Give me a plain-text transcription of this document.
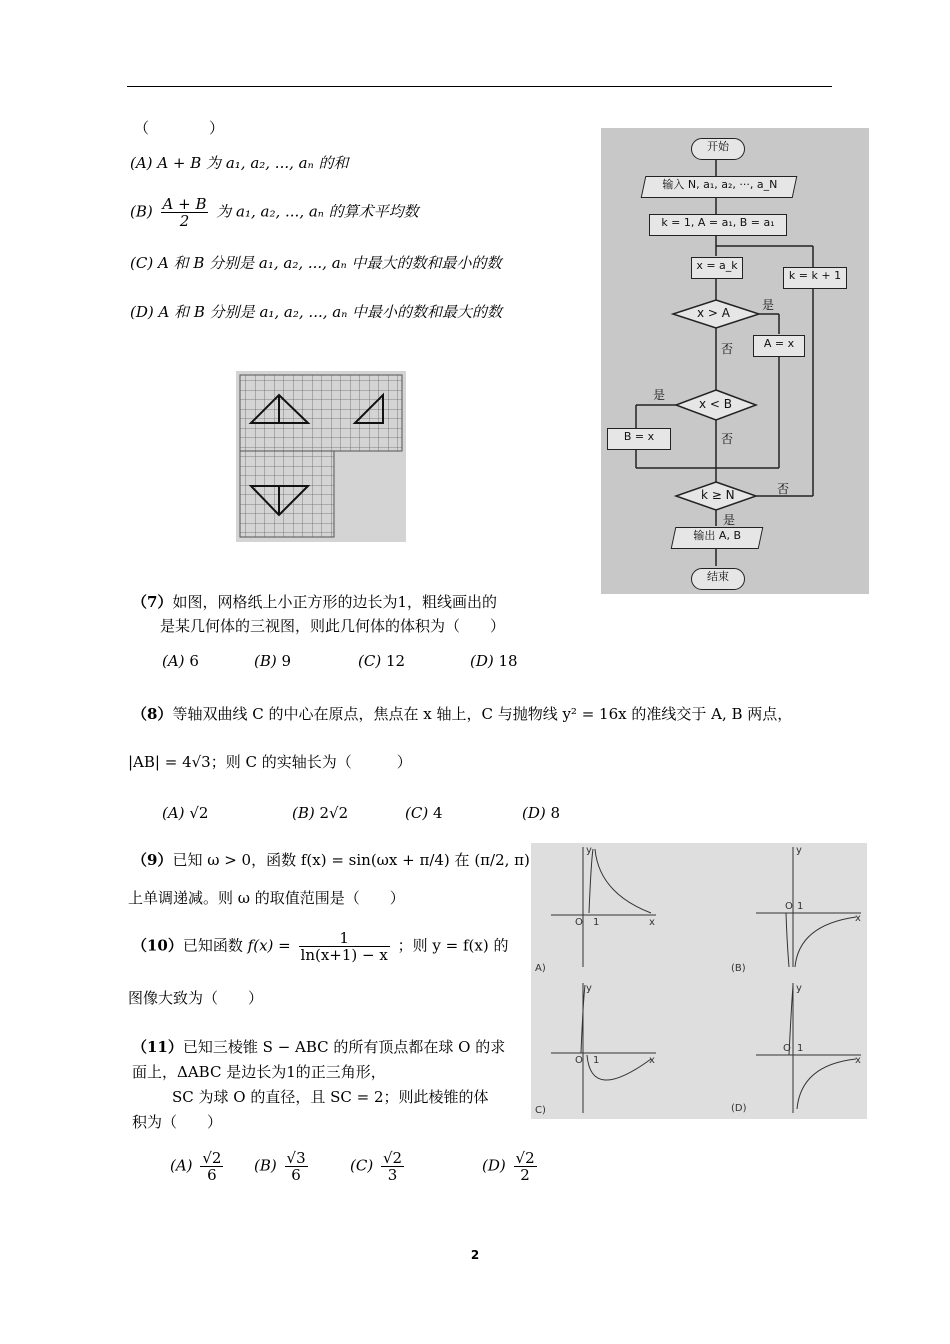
（　　　　）
(A) A + B 为 a₁, a₂, ..., aₙ 的和
$(B) \frac{A + B}{2}$ 为 a₁, a₂, ..., aₙ 的算术平均数
(C) A 和 B 分别是 a₁, a₂, ..., aₙ 中最大的数和最小的数
(D) A 和 B 分别是 a₁, a₂, ..., aₙ 中最小的数和最大的数
开始
输入 N, a₁, a₂, ···, a_N
k = 1, A = a₁, B = a₁
x = a_k
k = k + 1
x > A
是
A = x
否
x < B
是
B = x	否
k ≥ N	否
是
输出 A, B
结束
（7）如图，网格纸上小正方形的边长为1，粗线画出的
是某几何体的三视图，则此几何体的体积为（　　）
(A) 6	(B) 9	(C) 12	(D) 18
（8）等轴双曲线 C 的中心在原点，焦点在 x 轴上，C 与抛物线 y² = 16x 的准线交于 A, B 两点，
|AB| = 4√3；则 C 的实轴长为（　　　）
(A) √2	(B) 2√2	(C) 4	(D) 8
（9）已知 ω > 0，函数 f(x) = sin(ωx + π/4) 在 (π/2, π)
上单调递减。则 ω 的取值范围是（　　）
（10）已知函数 $f(x) = \frac{1}{\ln(x+1) - x}$ ；则 y = f(x) 的
图像大致为（　　）
y
x
O 1
A)
y
x
O 1
(B)
y
x
O 1
C)
y
x
O 1
(D)
（11）已知三棱锥 S − ABC 的所有顶点都在球 O 的求
面上，ΔABC 是边长为1的正三角形，
SC 为球 O 的直径，且 SC = 2；则此棱锥的体
积为（　　）
$(A) \frac{√2}{6} (B) \frac{√3}{6}$	$(C) \frac{√2}{3}$	$(D) \frac{√2}{2}$
2
